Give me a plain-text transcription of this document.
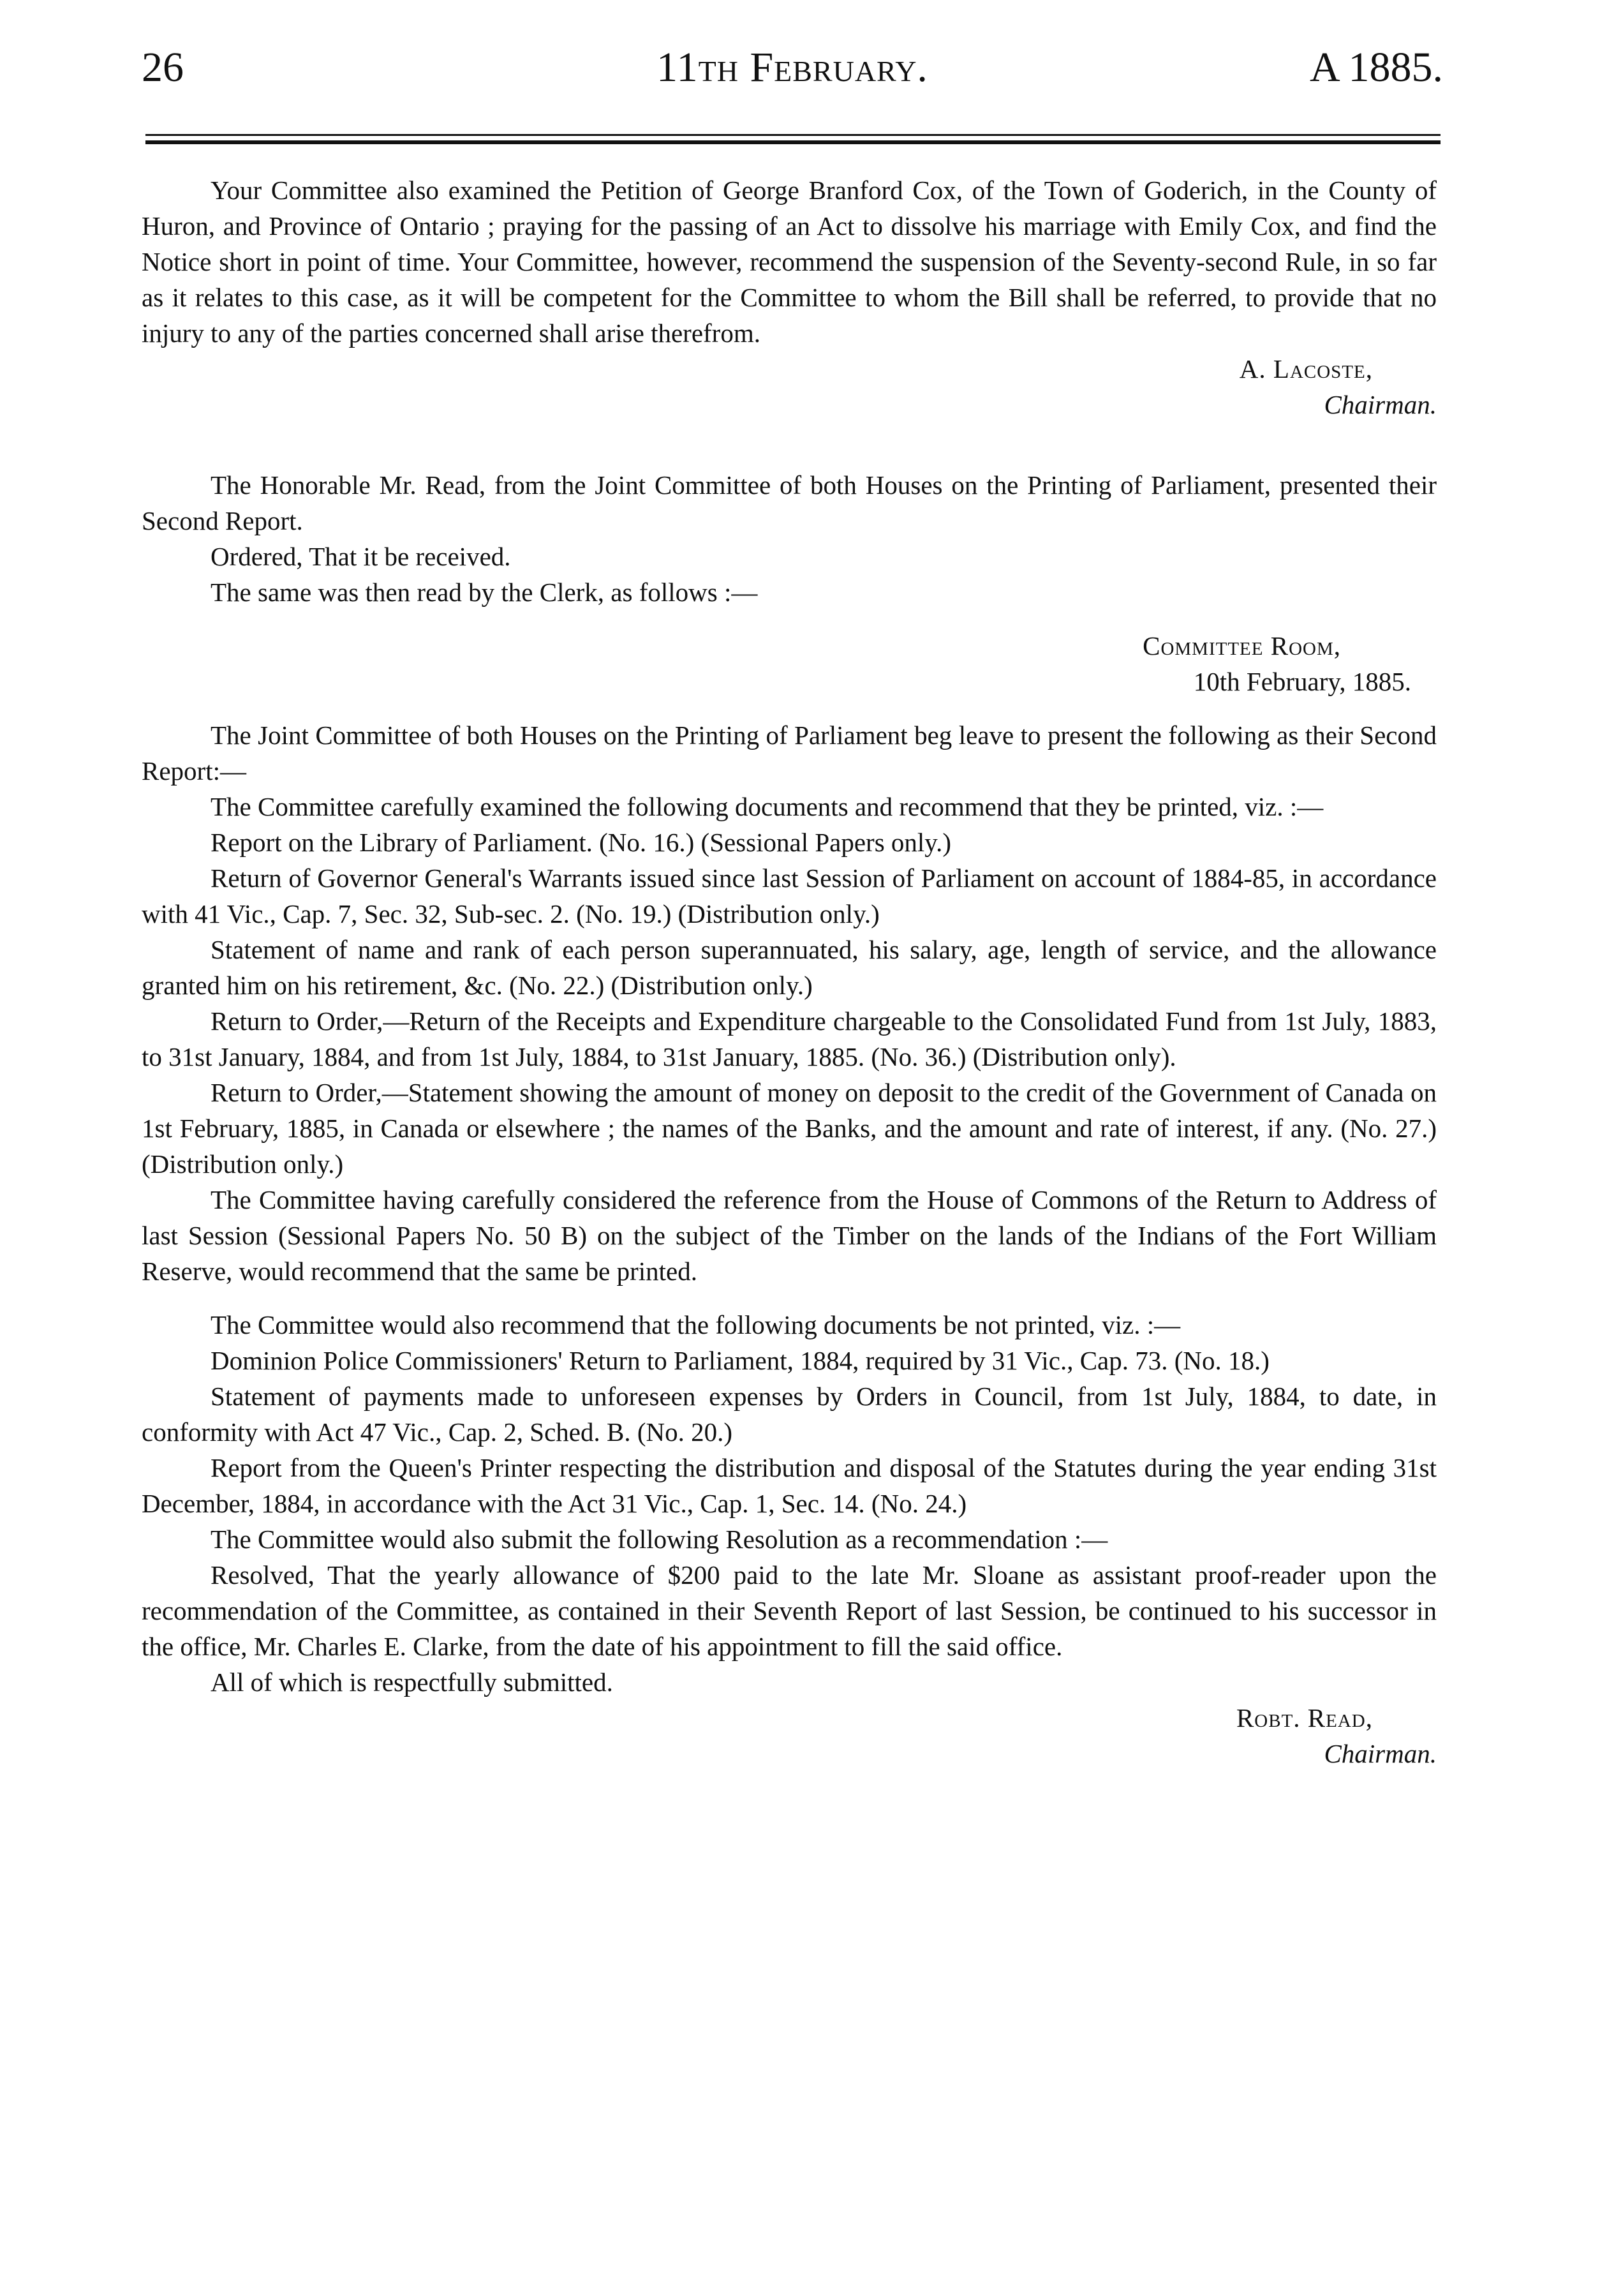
26	11th February.	A 1885.

Your Committee also examined the Petition of George Branford Cox, of the Town of Goderich, in the County of Huron, and Province of Ontario ; praying for the passing of an Act to dissolve his marriage with Emily Cox, and find the Notice short in point of time. Your Committee, however, recommend the suspension of the Seventy-second Rule, in so far as it relates to this case, as it will be competent for the Committee to whom the Bill shall be referred, to provide that no injury to any of the parties concerned shall arise therefrom.

A. Lacoste,

Chairman.

The Honorable Mr. Read, from the Joint Committee of both Houses on the Printing of Parliament, presented their Second Report.

Ordered, That it be received.

The same was then read by the Clerk, as follows :—

Committee Room,

10th February, 1885.

The Joint Committee of both Houses on the Printing of Parliament beg leave to present the following as their Second Report:—

The Committee carefully examined the following documents and recommend that they be printed, viz. :—

Report on the Library of Parliament. (No. 16.) (Sessional Papers only.)

Return of Governor General's Warrants issued since last Session of Parliament on account of 1884-85, in accordance with 41 Vic., Cap. 7, Sec. 32, Sub-sec. 2. (No. 19.) (Distribution only.)

Statement of name and rank of each person superannuated, his salary, age, length of service, and the allowance granted him on his retirement, &c. (No. 22.) (Distribution only.)

Return to Order,—Return of the Receipts and Expenditure chargeable to the Consolidated Fund from 1st July, 1883, to 31st January, 1884, and from 1st July, 1884, to 31st January, 1885. (No. 36.) (Distribution only).

Return to Order,—Statement showing the amount of money on deposit to the credit of the Government of Canada on 1st February, 1885, in Canada or elsewhere ; the names of the Banks, and the amount and rate of interest, if any. (No. 27.) (Distribution only.)

The Committee having carefully considered the reference from the House of Commons of the Return to Address of last Session (Sessional Papers No. 50 B) on the subject of the Timber on the lands of the Indians of the Fort William Reserve, would recommend that the same be printed.

The Committee would also recommend that the following documents be not printed, viz. :—

Dominion Police Commissioners' Return to Parliament, 1884, required by 31 Vic., Cap. 73. (No. 18.)

Statement of payments made to unforeseen expenses by Orders in Council, from 1st July, 1884, to date, in conformity with Act 47 Vic., Cap. 2, Sched. B. (No. 20.)

Report from the Queen's Printer respecting the distribution and disposal of the Statutes during the year ending 31st December, 1884, in accordance with the Act 31 Vic., Cap. 1, Sec. 14. (No. 24.)

The Committee would also submit the following Resolution as a recommendation :—

Resolved, That the yearly allowance of $200 paid to the late Mr. Sloane as assistant proof-reader upon the recommendation of the Committee, as contained in their Seventh Report of last Session, be continued to his successor in the office, Mr. Charles E. Clarke, from the date of his appointment to fill the said office.

All of which is respectfully submitted.

Robt. Read,

Chairman.
